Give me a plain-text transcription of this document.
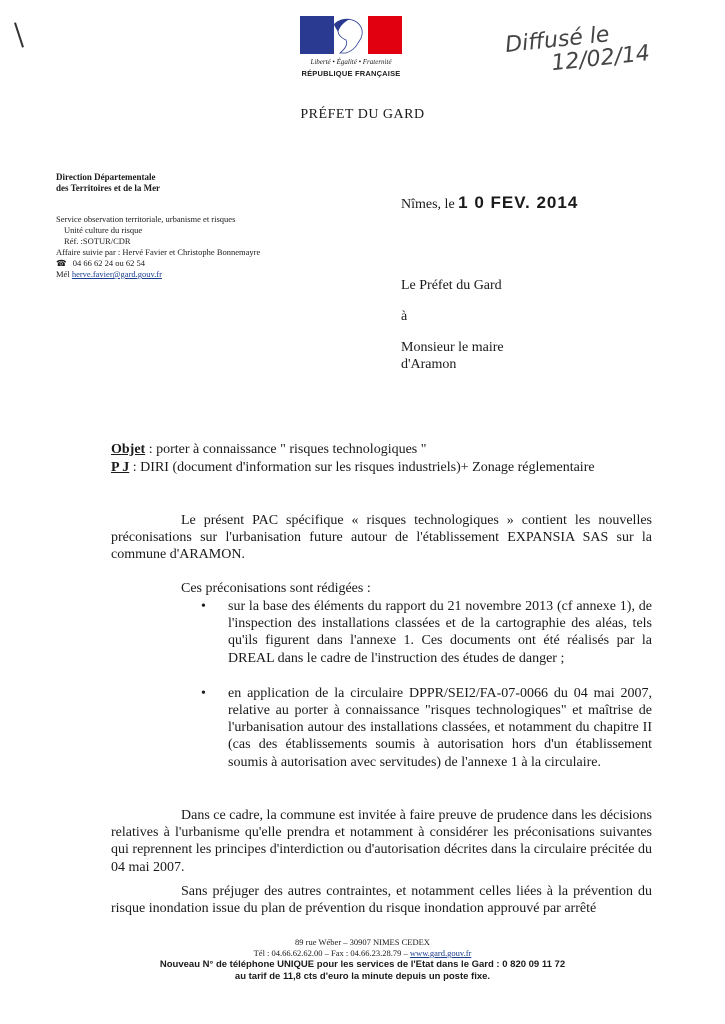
Liberté • Égalité • Fraternité
RÉPUBLIQUE FRANÇAISE
Diffusé le
12/02/14
PRÉFET DU GARD
Direction Départementale
des Territoires et de la Mer
Service observation territoriale, urbanisme et risques
Unité culture du risque
Réf. :SOTUR/CDR
Affaire suivie par : Hervé Favier et Christophe Bonnemayre
☎ 04 66 62 24 ou 62 54
Mél herve.favier@gard.gouv.fr
Nîmes, le 1 0 FEV. 2014
Le Préfet du Gard
à
Monsieur le maire
d'Aramon
Objet : porter à connaissance " risques technologiques "
P J : DIRI (document d'information sur les risques industriels)+ Zonage réglementaire
Le présent PAC spécifique « risques technologiques » contient les nouvelles préconisations sur l'urbanisation future autour de l'établissement EXPANSIA SAS sur la commune d'ARAMON.
Ces préconisations sont rédigées :
• sur la base des éléments du rapport du 21 novembre 2013 (cf annexe 1), de l'inspection des installations classées et de la cartographie des aléas, tels qu'ils figurent dans l'annexe 1. Ces documents ont été réalisés par la DREAL dans le cadre de l'instruction des études de danger ;
• en application de la circulaire DPPR/SEI2/FA-07-0066 du 04 mai 2007, relative au porter à connaissance "risques technologiques" et maîtrise de l'urbanisation autour des installations classées, et notamment du chapitre II (cas des établissements soumis à autorisation hors d'un établissement soumis à autorisation avec servitudes) de l'annexe 1 à la circulaire.
Dans ce cadre, la commune est invitée à faire preuve de prudence dans les décisions relatives à l'urbanisme qu'elle prendra et notamment à considérer les préconisations suivantes qui reprennent les principes d'interdiction ou d'autorisation décrites dans la circulaire précitée du 04 mai 2007.
Sans préjuger des autres contraintes, et notamment celles liées à la prévention du risque inondation issue du plan de prévention du risque inondation approuvé par arrêté
89 rue Wéber – 30907 NIMES CEDEX
Tél : 04.66.62.62.00 – Fax : 04.66.23.28.79 – www.gard.gouv.fr
Nouveau N° de téléphone UNIQUE pour les services de l'Etat dans le Gard : 0 820 09 11 72
au tarif de 11,8 cts d'euro la minute depuis un poste fixe.
